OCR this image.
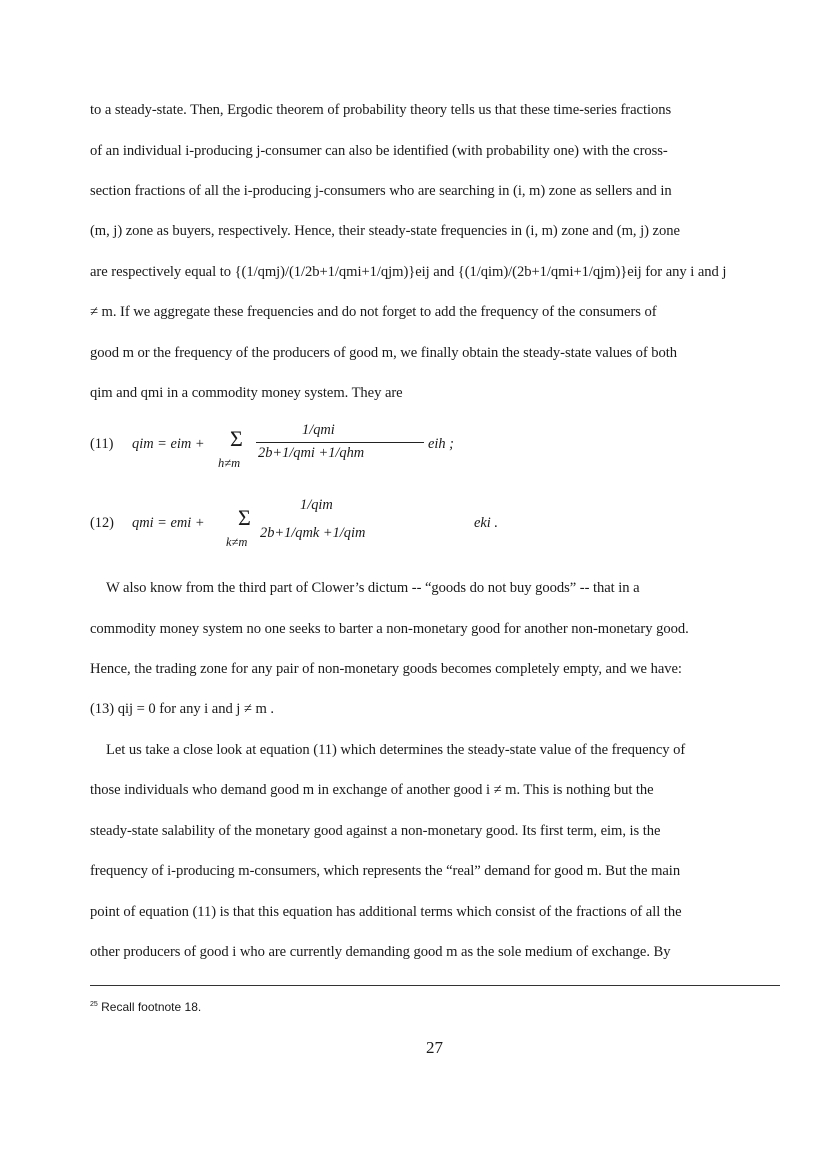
to a steady-state. Then, Ergodic theorem of probability theory tells us that these time-series fractions
of an individual i-producing j-consumer can also be identified (with probability one) with the cross-
section fractions of all the i-producing j-consumers who are searching in (i, m) zone as sellers and in
(m, j) zone as buyers, respectively. Hence, their steady-state frequencies in (i, m) zone and (m, j) zone
are respectively equal to {(1/qmj)/(1/2b+1/qmi+1/qjm)}eij and {(1/qim)/(2b+1/qmi+1/qjm)}eij for any i and j
≠ m. If we aggregate these frequencies and do not forget to add the frequency of the consumers of
good m or the frequency of the producers of good m, we finally obtain the steady-state values of both
qim and qmi in a commodity money system. They are
(11) qim = eim + Σ
h≠m
1/qmi
2b+1/qmi +1/qhm
eih ;
(12) qmi = emi + Σ
k≠m
1/qim
2b+1/qmk +1/qim
eki .
W also know from the third part of Clower’s dictum -- “goods do not buy goods” -- that in a
commodity money system no one seeks to barter a non-monetary good for another non-monetary good.
Hence, the trading zone for any pair of non-monetary goods becomes completely empty, and we have:
(13) qij = 0 for any i and j ≠ m .
Let us take a close look at equation (11) which determines the steady-state value of the frequency of
those individuals who demand good m in exchange of another good i ≠ m. This is nothing but the
steady-state salability of the monetary good against a non-monetary good. Its first term, eim, is the
frequency of i-producing m-consumers, which represents the “real” demand for good m. But the main
point of equation (11) is that this equation has additional terms which consist of the fractions of all the
other producers of good i who are currently demanding good m as the sole medium of exchange. By
$^{25}$ Recall footnote 18.
27
